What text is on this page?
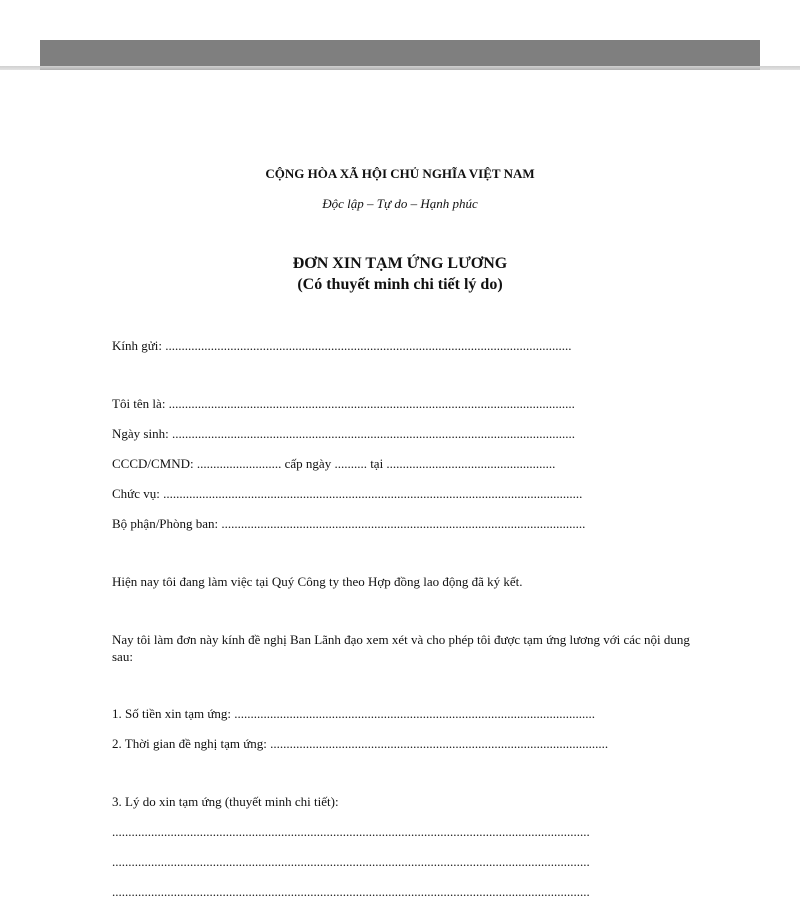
CỘNG HÒA XÃ HỘI CHỦ NGHĨA VIỆT NAM
Độc lập – Tự do – Hạnh phúc
ĐƠN XIN TẠM ỨNG LƯƠNG
(Có thuyết minh chi tiết lý do)
Kính gửi: .............................................................................................................................
Tôi tên là: .............................................................................................................................
Ngày sinh: ............................................................................................................................
CCCD/CMND: .......................... cấp ngày .......... tại ....................................................
Chức vụ: .................................................................................................................................
Bộ phận/Phòng ban: ................................................................................................................
Hiện nay tôi đang làm việc tại Quý Công ty theo Hợp đồng lao động đã ký kết.
Nay tôi làm đơn này kính đề nghị Ban Lãnh đạo xem xét và cho phép tôi được tạm ứng lương với các nội dung sau:
1. Số tiền xin tạm ứng: ...............................................................................................................
2. Thời gian đề nghị tạm ứng: ........................................................................................................
3. Lý do xin tạm ứng (thuyết minh chi tiết):
...................................................................................................................................................
...................................................................................................................................................
...................................................................................................................................................
